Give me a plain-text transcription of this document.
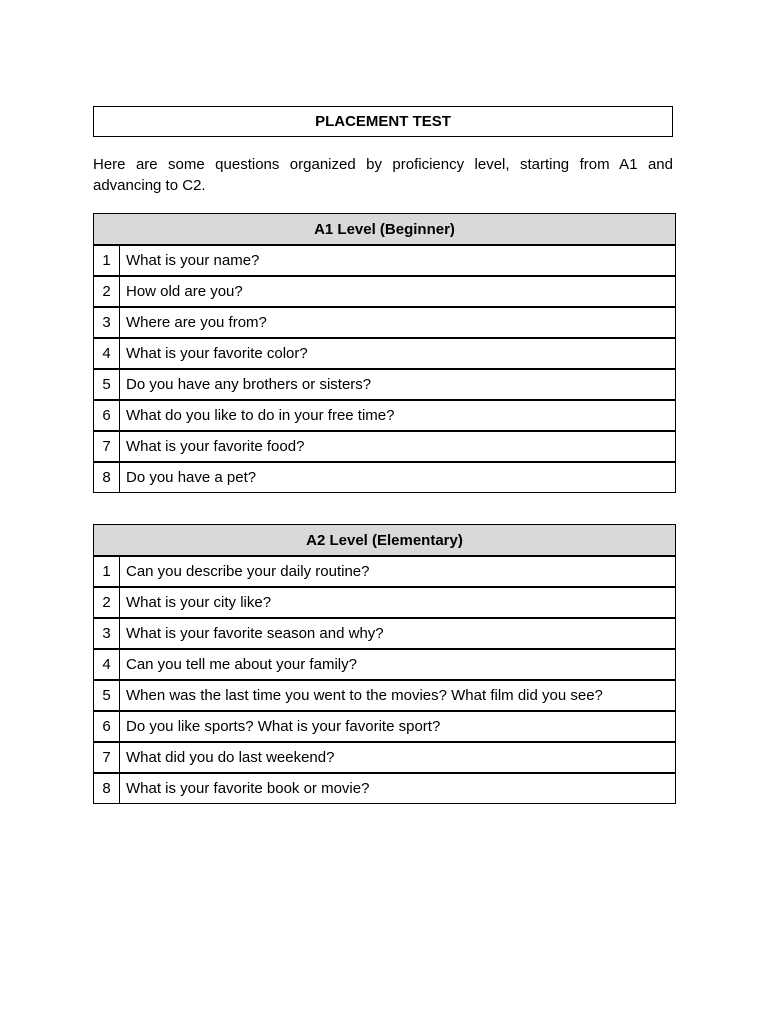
PLACEMENT TEST
Here are some questions organized by proficiency level, starting from A1 and advancing to C2.
A1 Level (Beginner)	
1	What is your name?
2	How old are you?
3	Where are you from?
4	What is your favorite color?
5	Do you have any brothers or sisters?
6	What do you like to do in your free time?
7	What is your favorite food?
8	Do you have a pet?
A2 Level (Elementary)	
1	Can you describe your daily routine?
2	What is your city like?
3	What is your favorite season and why?
4	Can you tell me about your family?
5	When was the last time you went to the movies? What film did you see?
6	Do you like sports? What is your favorite sport?
7	What did you do last weekend?
8	What is your favorite book or movie?
